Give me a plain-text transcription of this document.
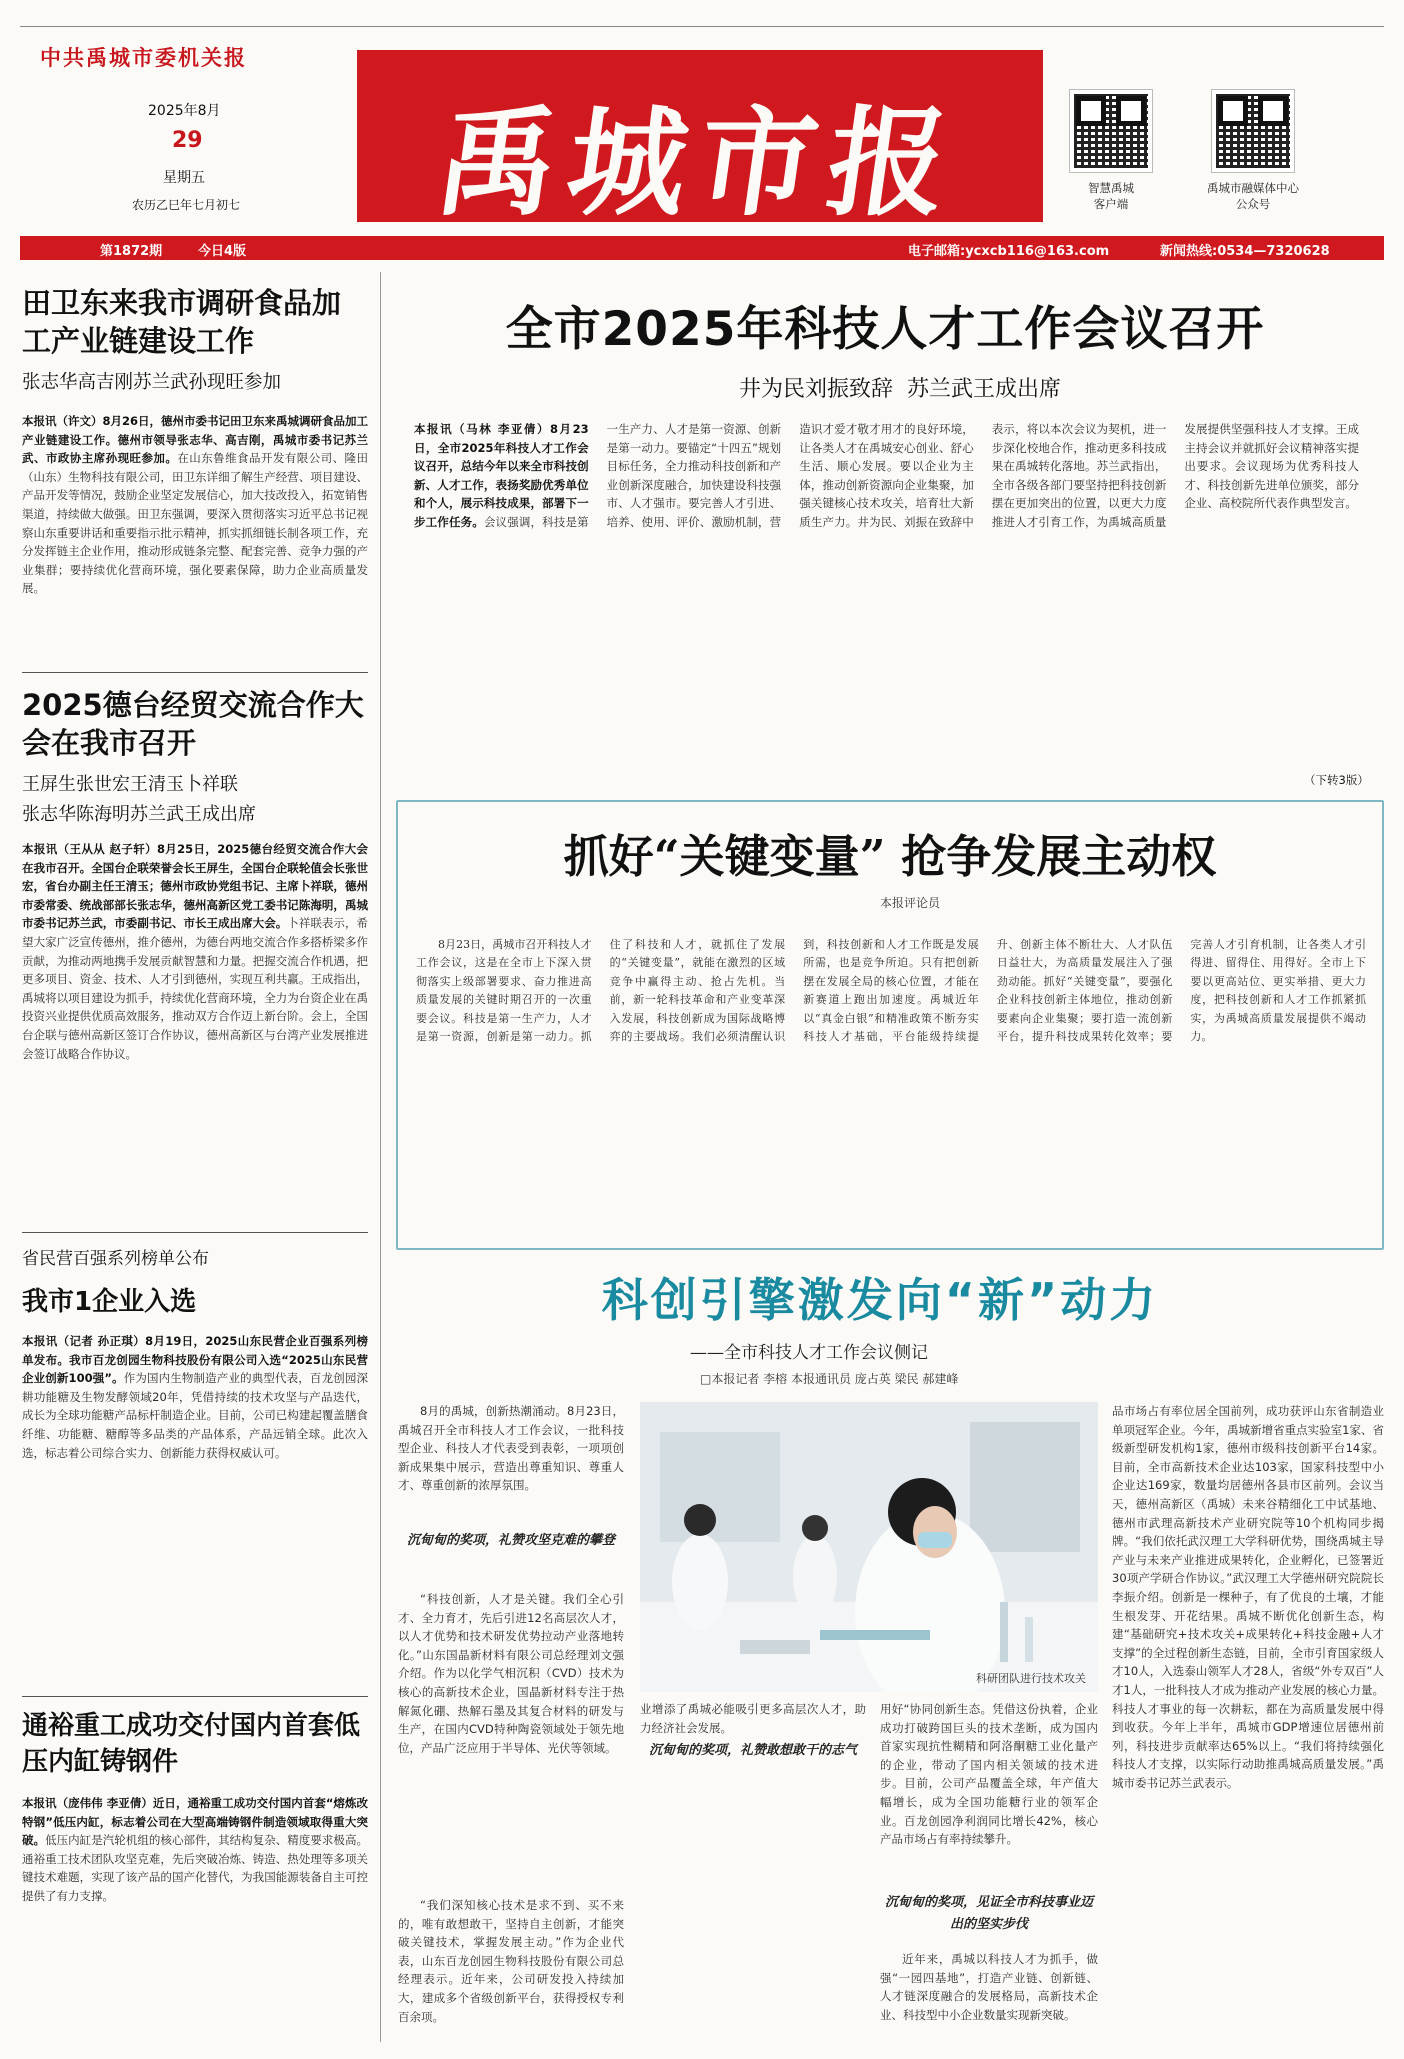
中共禹城市委机关报
2025年8月
29
星期五
农历乙巳年七月初七	禹城市报	智慧禹城
客户端
禹城市融媒体中心
公众号
第1872期	今日4版	电子邮箱:ycxcb116@163.com	新闻热线:0534—7320628
田卫东来我市调研食品加工产业链建设工作
张志华高吉刚苏兰武孙现旺参加
本报讯（许文）8月26日，德州市委书记田卫东来禹城调研食品加工产业链建设工作。德州市领导张志华、高吉刚，禹城市委书记苏兰武、市政协主席孙现旺参加。在山东鲁维食品开发有限公司、隆田（山东）生物科技有限公司，田卫东详细了解生产经营、项目建设、产品开发等情况，鼓励企业坚定发展信心，加大技改投入，拓宽销售渠道，持续做大做强。田卫东强调，要深入贯彻落实习近平总书记视察山东重要讲话和重要指示批示精神，抓实抓细链长制各项工作，充分发挥链主企业作用，推动形成链条完整、配套完善、竞争力强的产业集群；要持续优化营商环境，强化要素保障，助力企业高质量发展。
2025德台经贸交流合作大会在我市召开
王屏生张世宏王清玉卜祥联
张志华陈海明苏兰武王成出席
本报讯（王从从 赵子轩）8月25日，2025德台经贸交流合作大会在我市召开。全国台企联荣誉会长王屏生，全国台企联轮值会长张世宏，省台办副主任王清玉；德州市政协党组书记、主席卜祥联，德州市委常委、统战部部长张志华，德州高新区党工委书记陈海明，禹城市委书记苏兰武，市委副书记、市长王成出席大会。卜祥联表示，希望大家广泛宣传德州，推介德州，为德台两地交流合作多搭桥梁多作贡献，为推动两地携手发展贡献智慧和力量。把握交流合作机遇，把更多项目、资金、技术、人才引到德州，实现互利共赢。王成指出，禹城将以项目建设为抓手，持续优化营商环境，全力为台资企业在禹投资兴业提供优质高效服务，推动双方合作迈上新台阶。会上，全国台企联与德州高新区签订合作协议，德州高新区与台湾产业发展推进会签订战略合作协议。
省民营百强系列榜单公布
我市1企业入选
本报讯（记者 孙正琪）8月19日，2025山东民营企业百强系列榜单发布。我市百龙创园生物科技股份有限公司入选“2025山东民营企业创新100强”。作为国内生物制造产业的典型代表，百龙创园深耕功能糖及生物发酵领域20年，凭借持续的技术攻坚与产品迭代，成长为全球功能糖产品标杆制造企业。目前，公司已构建起覆盖膳食纤维、功能糖、糖醇等多品类的产品体系，产品远销全球。此次入选，标志着公司综合实力、创新能力获得权威认可。
通裕重工成功交付国内首套低压内缸铸钢件
本报讯（庞伟伟 李亚倩）近日，通裕重工成功交付国内首套“熔炼改特钢”低压内缸，标志着公司在大型高端铸钢件制造领域取得重大突破。低压内缸是汽轮机组的核心部件，其结构复杂、精度要求极高。通裕重工技术团队攻坚克难，先后突破冶炼、铸造、热处理等多项关键技术难题，实现了该产品的国产化替代，为我国能源装备自主可控提供了有力支撑。
全市2025年科技人才工作会议召开
井为民刘振致辞  苏兰武王成出席
本报讯（马林 李亚倩）8月23日，全市2025年科技人才工作会议召开，总结今年以来全市科技创新、人才工作，表扬奖励优秀单位和个人，展示科技成果，部署下一步工作任务。会议强调，科技是第一生产力、人才是第一资源、创新是第一动力。要锚定“十四五”规划目标任务，全力推动科技创新和产业创新深度融合，加快建设科技强市、人才强市。要完善人才引进、培养、使用、评价、激励机制，营造识才爱才敬才用才的良好环境，让各类人才在禹城安心创业、舒心生活、顺心发展。要以企业为主体，推动创新资源向企业集聚，加强关键核心技术攻关，培育壮大新质生产力。井为民、刘振在致辞中表示，将以本次会议为契机，进一步深化校地合作，推动更多科技成果在禹城转化落地。苏兰武指出，全市各级各部门要坚持把科技创新摆在更加突出的位置，以更大力度推进人才引育工作，为禹城高质量发展提供坚强科技人才支撑。王成主持会议并就抓好会议精神落实提出要求。会议现场为优秀科技人才、科技创新先进单位颁奖，部分企业、高校院所代表作典型发言。
（下转3版）
抓好“关键变量” 抢争发展主动权
本报评论员
8月23日，禹城市召开科技人才工作会议，这是在全市上下深入贯彻落实上级部署要求、奋力推进高质量发展的关键时期召开的一次重要会议。科技是第一生产力，人才是第一资源，创新是第一动力。抓住了科技和人才，就抓住了发展的“关键变量”，就能在激烈的区域竞争中赢得主动、抢占先机。当前，新一轮科技革命和产业变革深入发展，科技创新成为国际战略博弈的主要战场。我们必须清醒认识到，科技创新和人才工作既是发展所需，也是竞争所迫。只有把创新摆在发展全局的核心位置，才能在新赛道上跑出加速度。禹城近年以“真金白银”和精准政策不断夯实科技人才基础，平台能级持续提升、创新主体不断壮大、人才队伍日益壮大，为高质量发展注入了强劲动能。抓好“关键变量”，要强化企业科技创新主体地位，推动创新要素向企业集聚；要打造一流创新平台，提升科技成果转化效率；要完善人才引育机制，让各类人才引得进、留得住、用得好。全市上下要以更高站位、更实举措、更大力度，把科技创新和人才工作抓紧抓实，为禹城高质量发展提供不竭动力。
科创引擎激发向“新”动力
——全市科技人才工作会议侧记
□本报记者 李榕 本报通讯员 庞占英 梁民 郝建峰
8月的禹城，创新热潮涌动。8月23日，禹城召开全市科技人才工作会议，一批科技型企业、科技人才代表受到表彰，一项项创新成果集中展示，营造出尊重知识、尊重人才、尊重创新的浓厚氛围。
沉甸甸的奖项，礼赞攻坚克难的攀登
“科技创新，人才是关键。我们全心引才、全力育才，先后引进12名高层次人才，以人才优势和技术研发优势拉动产业落地转化。”山东国晶新材料有限公司总经理刘文强介绍。作为以化学气相沉积（CVD）技术为核心的高新技术企业，国晶新材料专注于热解氮化硼、热解石墨及其复合材料的研发与生产，在国内CVD特种陶瓷领域处于领先地位，产品广泛应用于半导体、光伏等领域。	沉甸甸的奖项，礼赞敢想敢干的志气
“我们深知核心技术是求不到、买不来的，唯有敢想敢干，坚持自主创新，才能突破关键技术，掌握发展主动。”作为企业代表，山东百龙创园生物科技股份有限公司总经理表示。近年来，公司研发投入持续加大，建成多个省级创新平台，获得授权专利百余项。
科研团队进行技术攻关
业增添了禹城必能吸引更多高层次人才，助力经济社会发展。
用好“协同创新生态。凭借这份执着，企业成功打破跨国巨头的技术垄断，成为国内首家实现抗性糊精和阿洛酮糖工业化量产的企业，带动了国内相关领域的技术进步。目前，公司产品覆盖全球，年产值大幅增长，成为全国功能糖行业的领军企业。百龙创园净利润同比增长42%，核心产品市场占有率持续攀升。
沉甸甸的奖项，见证全市科技事业迈出的坚实步伐
近年来，禹城以科技人才为抓手，做强“一园四基地”，打造产业链、创新链、人才链深度融合的发展格局，高新技术企业、科技型中小企业数量实现新突破。
品市场占有率位居全国前列，成功获评山东省制造业单项冠军企业。今年，禹城新增省重点实验室1家、省级新型研发机构1家，德州市级科技创新平台14家。目前，全市高新技术企业达103家，国家科技型中小企业达169家，数量均居德州各县市区前列。会议当天，德州高新区（禹城）未来谷精细化工中试基地、德州市武理高新技术产业研究院等10个机构同步揭牌。“我们依托武汉理工大学科研优势，围绕禹城主导产业与未来产业推进成果转化，企业孵化，已签署近30项产学研合作协议。”武汉理工大学德州研究院院长李振介绍。创新是一棵种子，有了优良的土壤，才能生根发芽、开花结果。禹城不断优化创新生态，构建“基础研究+技术攻关+成果转化+科技金融+人才支撑”的全过程创新生态链，目前，全市引育国家级人才10人，入选泰山领军人才28人，省级“外专双百”人才1人，一批科技人才成为推动产业发展的核心力量。科技人才事业的每一次耕耘，都在为高质量发展中得到收获。今年上半年，禹城市GDP增速位居德州前列，科技进步贡献率达65%以上。“我们将持续强化科技人才支撑，以实际行动助推禹城高质量发展。”禹城市委书记苏兰武表示。
